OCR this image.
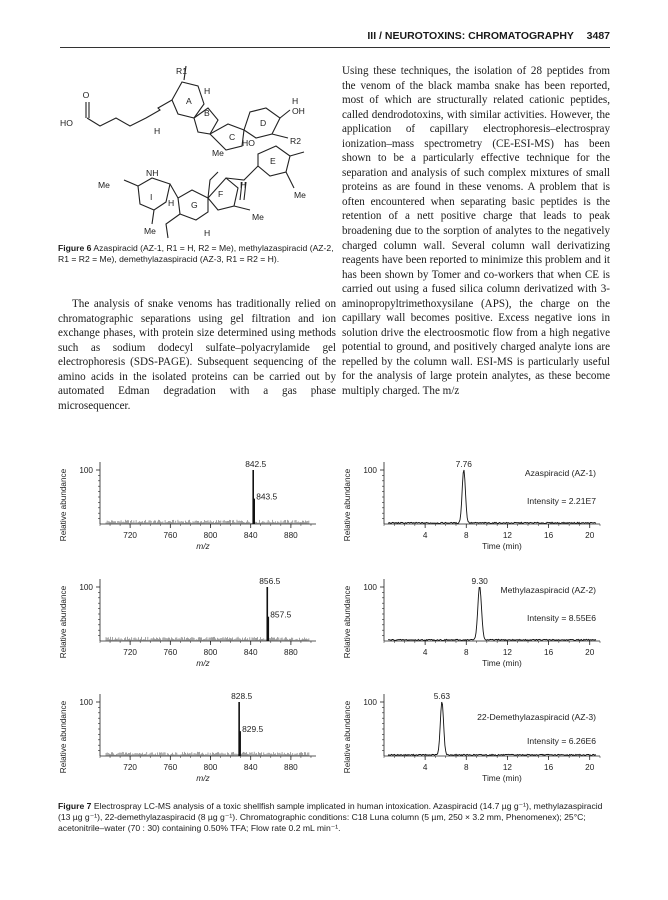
III / NEUROTOXINS: CHROMATOGRAPHY 3487
O
HO
R1
A
B
C
D
E
F
G
H
I
OH
HO	R2
NH
Me
Me
Me
Me
Me
H
H
H
H
H
Figure 6 Azaspiracid (AZ-1, R1 = H, R2 = Me), methylazaspiracid (AZ-2, R1 = R2 = Me), demethylazaspiracid (AZ-3, R1 = R2 = H).

The analysis of snake venoms has traditionally relied on chromatographic separations using gel filtration and ion exchange phases, with protein size determined using methods such as sodium dodecyl sulfate–polyacrylamide gel electrophoresis (SDS-PAGE). Subsequent sequencing of the amino acids in the isolated proteins can be carried out by automated Edman degradation with a gas phase microsequencer.

Using these techniques, the isolation of 28 peptides from the venom of the black mamba snake has been reported, most of which are structurally related cationic peptides, called dendrodotoxins, with similar activities. However, the application of capillary electrophoresis–electrospray ionization–mass spectrometry (CE-ESI-MS) has been shown to be a particularly effective technique for the separation and analysis of such complex mixtures of small proteins as are found in these venoms. A problem that is often encountered when separating basic peptides is the retention of a nett positive charge that leads to peak broadening due to the sorption of analytes to the negatively charged column wall. Several column wall derivatizing reagents have been reported to minimize this problem and it has been shown by Tomer and co-workers that when CE is carried out using a fused silica column derivatized with 3-aminopropyltrimethoxysilane (APS), the charge on the capillary wall becomes positive. Excess negative ions in solution drive the electroosmotic flow from a high negative potential to ground, and positively charged analyte ions are repelled by the column wall. ESI-MS is particularly useful for the analysis of large protein analytes, as these become multiply charged. The m/z

Relative abundance 100
720	760	800	840	880
m/z
842.5
843.5	Relative abundance 100
4	8	12	16	20
Time (min)
7.76
Azaspiracid (AZ-1)
Intensity = 2.21E7
Relative abundance 100
720	760	800	840	880
m/z
856.5
857.5	Relative abundance 100
4	8	12	16	20
Time (min)
9.30
Methylazaspiracid (AZ-2)
Intensity = 8.55E6
Relative abundance 100
720	760	800	840	880
m/z
828.5
829.5	Relative abundance 100
4	8	12	16	20
Time (min)
5.63
22-Demethylazaspiracid (AZ-3)
Intensity = 6.26E6
Figure 7 Electrospray LC-MS analysis of a toxic shellfish sample implicated in human intoxication. Azaspiracid (14.7 µg g⁻¹), methylazaspiracid (13 µg g⁻¹), 22-demethylazaspiracid (8 µg g⁻¹). Chromatographic conditions: C18 Luna column (5 µm, 250 × 3.2 mm, Phenomenex); 25°C; acetonitrile–water (70 : 30) containing 0.50% TFA; Flow rate 0.2 mL min⁻¹.
